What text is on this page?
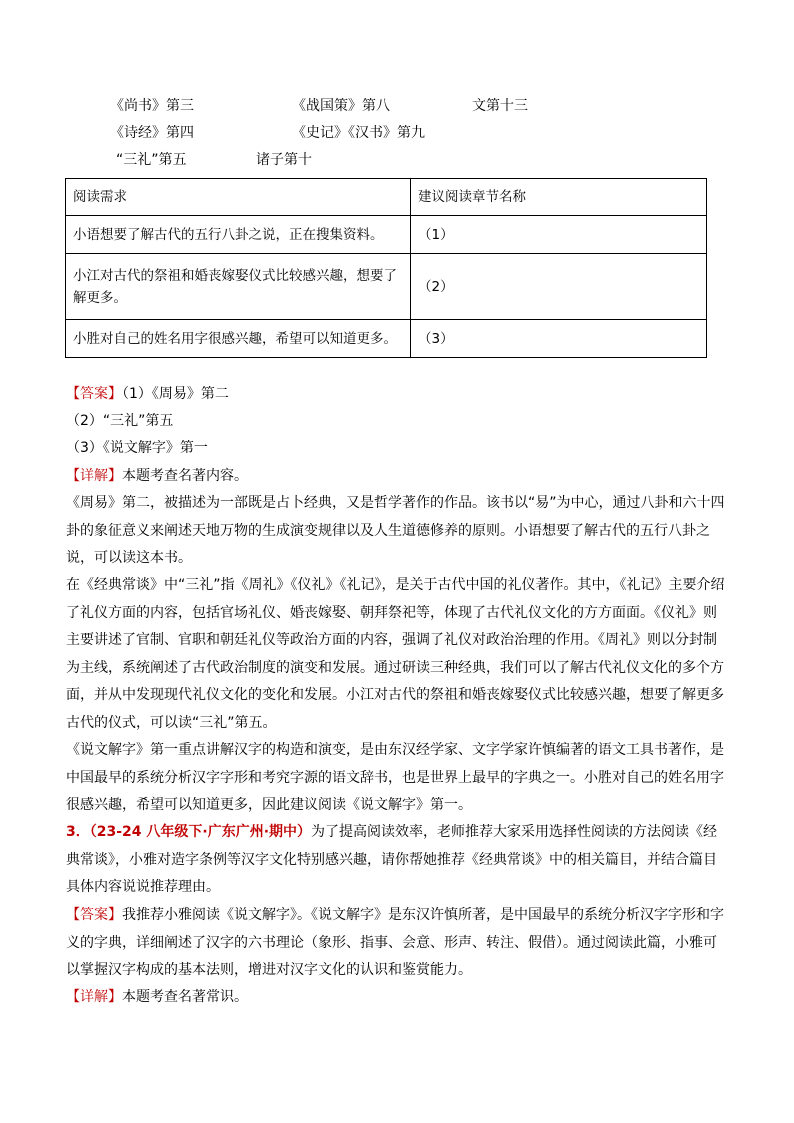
《尚书》第三	《战国策》第八	文第十三
《诗经》第四	《史记》《汉书》第九
“三礼”第五	诸子第十
阅读需求	建议阅读章节名称
小语想要了解古代的五行八卦之说，正在搜集资料。	（1）
小江对古代的祭祖和婚丧嫁娶仪式比较感兴趣，想要了解更多。	（2）
小胜对自己的姓名用字很感兴趣，希望可以知道更多。	（3）
【答案】（1）《周易》第二
（2）“三礼”第五
（3）《说文解字》第一
【详解】本题考查名著内容。
《周易》第二，被描述为一部既是占卜经典，又是哲学著作的作品。该书以“易”为中心，通过八卦和六十四卦的象征意义来阐述天地万物的生成演变规律以及人生道德修养的原则。小语想要了解古代的五行八卦之说，可以读这本书。
在《经典常谈》中“三礼”指《周礼》《仪礼》《礼记》，是关于古代中国的礼仪著作。其中，《礼记》主要介绍了礼仪方面的内容，包括官场礼仪、婚丧嫁娶、朝拜祭祀等，体现了古代礼仪文化的方方面面。《仪礼》则主要讲述了官制、官职和朝廷礼仪等政治方面的内容，强调了礼仪对政治治理的作用。《周礼》则以分封制为主线，系统阐述了古代政治制度的演变和发展。通过研读三种经典，我们可以了解古代礼仪文化的多个方面，并从中发现现代礼仪文化的变化和发展。小江对古代的祭祖和婚丧嫁娶仪式比较感兴趣，想要了解更多古代的仪式，可以读“三礼”第五。
《说文解字》第一重点讲解汉字的构造和演变，是由东汉经学家、文字学家许慎编著的语文工具书著作，是中国最早的系统分析汉字字形和考究字源的语文辞书，也是世界上最早的字典之一。小胜对自己的姓名用字很感兴趣，希望可以知道更多，因此建议阅读《说文解字》第一。
3．（23-24 八年级下·广东广州·期中）为了提高阅读效率，老师推荐大家采用选择性阅读的方法阅读《经典常谈》，小雅对造字条例等汉字文化特别感兴趣，请你帮她推荐《经典常谈》中的相关篇目，并结合篇目具体内容说说推荐理由。
【答案】我推荐小雅阅读《说文解字》。《说文解字》是东汉许慎所著，是中国最早的系统分析汉字字形和字义的字典，详细阐述了汉字的六书理论（象形、指事、会意、形声、转注、假借）。通过阅读此篇，小雅可以掌握汉字构成的基本法则，增进对汉字文化的认识和鉴赏能力。
【详解】本题考查名著常识。
